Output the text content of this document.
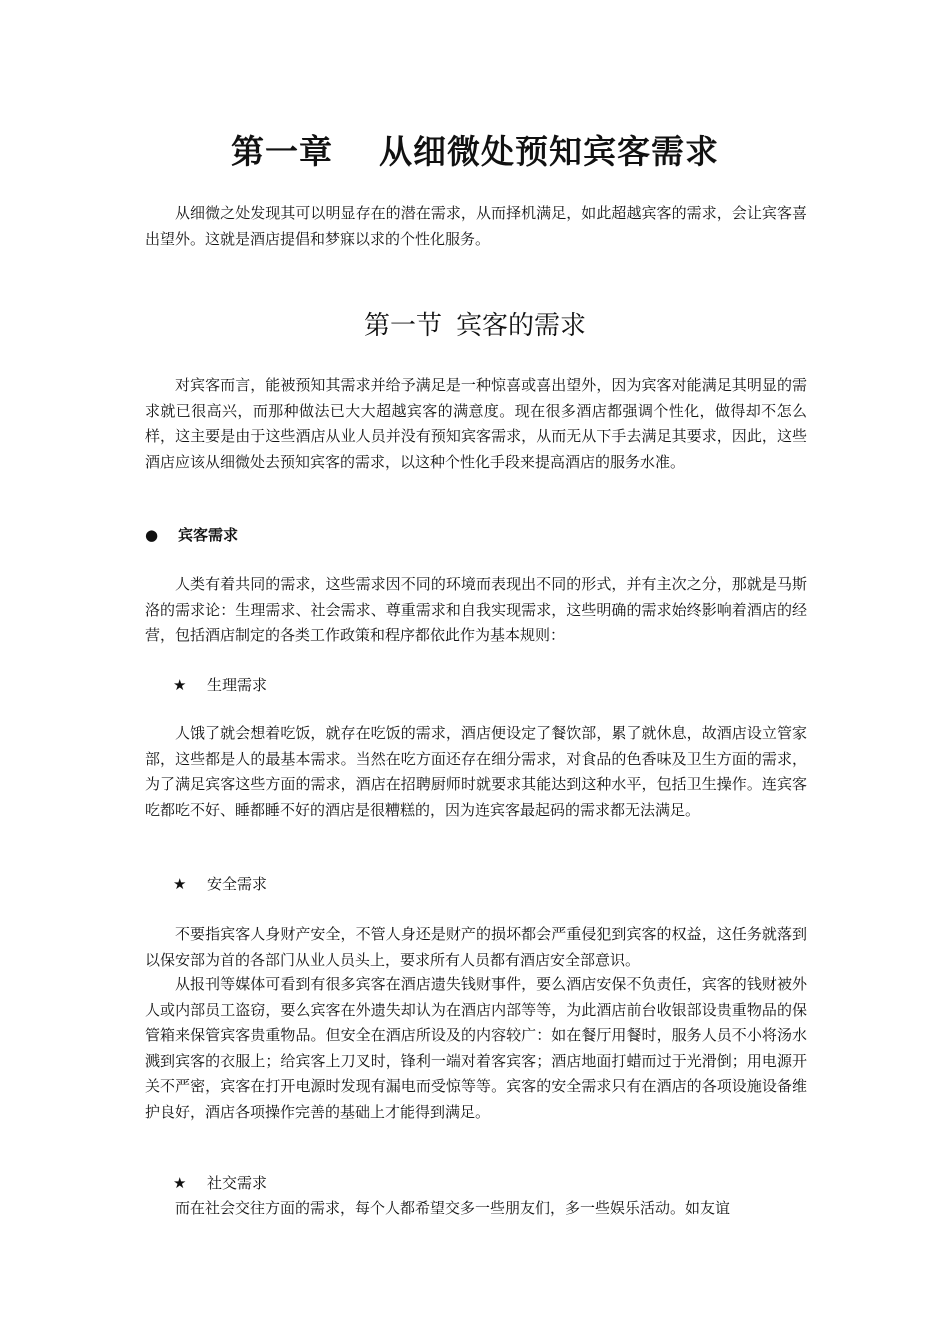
第一章 从细微处预知宾客需求

从细微之处发现其可以明显存在的潜在需求，从而择机满足，如此超越宾客的需求，会让宾客喜出望外。这就是酒店提倡和梦寐以求的个性化服务。

第一节 宾客的需求

对宾客而言，能被预知其需求并给予满足是一种惊喜或喜出望外，因为宾客对能满足其明显的需求就已很高兴，而那种做法已大大超越宾客的满意度。现在很多酒店都强调个性化，做得却不怎么样，这主要是由于这些酒店从业人员并没有预知宾客需求，从而无从下手去满足其要求，因此，这些酒店应该从细微处去预知宾客的需求，以这种个性化手段来提高酒店的服务水准。

● 宾客需求

人类有着共同的需求，这些需求因不同的环境而表现出不同的形式，并有主次之分，那就是马斯洛的需求论：生理需求、社会需求、尊重需求和自我实现需求，这些明确的需求始终影响着酒店的经营，包括酒店制定的各类工作政策和程序都依此作为基本规则：

★ 生理需求

人饿了就会想着吃饭，就存在吃饭的需求，酒店便设定了餐饮部，累了就休息，故酒店设立管家部，这些都是人的最基本需求。当然在吃方面还存在细分需求，对食品的色香味及卫生方面的需求，为了满足宾客这些方面的需求，酒店在招聘厨师时就要求其能达到这种水平，包括卫生操作。连宾客吃都吃不好、睡都睡不好的酒店是很糟糕的，因为连宾客最起码的需求都无法满足。

★ 安全需求

不要指宾客人身财产安全，不管人身还是财产的损坏都会严重侵犯到宾客的权益，这任务就落到以保安部为首的各部门从业人员头上，要求所有人员都有酒店安全部意识。

从报刊等媒体可看到有很多宾客在酒店遗失钱财事件，要么酒店安保不负责任，宾客的钱财被外人或内部员工盗窃，要么宾客在外遗失却认为在酒店内部等等，为此酒店前台收银部设贵重物品的保管箱来保管宾客贵重物品。但安全在酒店所设及的内容较广：如在餐厅用餐时，服务人员不小将汤水溅到宾客的衣服上；给宾客上刀叉时，锋利一端对着客宾客；酒店地面打蜡而过于光滑倒；用电源开关不严密，宾客在打开电源时发现有漏电而受惊等等。宾客的安全需求只有在酒店的各项设施设备维护良好，酒店各项操作完善的基础上才能得到满足。

★ 社交需求

而在社会交往方面的需求，每个人都希望交多一些朋友们，多一些娱乐活动。如友谊
